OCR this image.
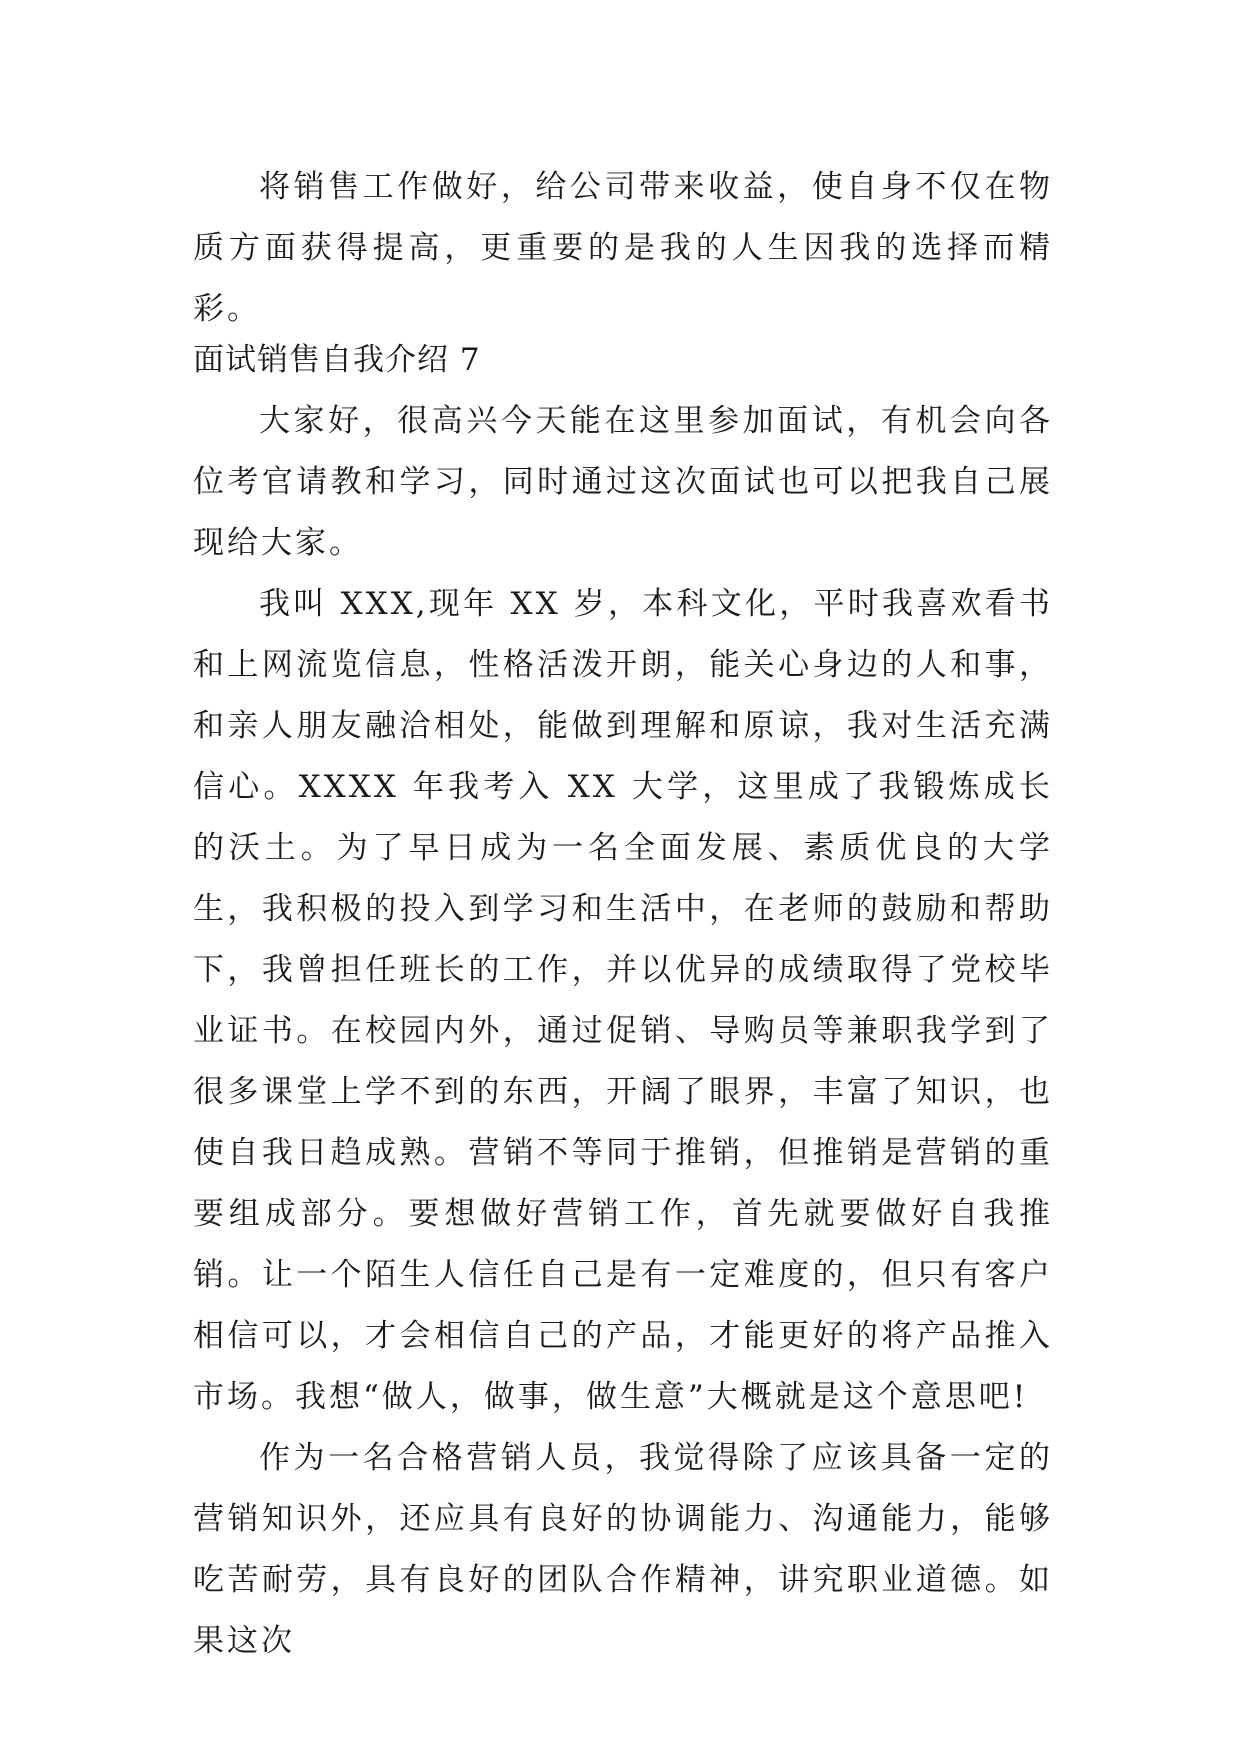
将销售工作做好，给公司带来收益，使自身不仅在物质方面获得提高，更重要的是我的人生因我的选择而精彩。
面试销售自我介绍 7

大家好，很高兴今天能在这里参加面试，有机会向各位考官请教和学习，同时通过这次面试也可以把我自己展现给大家。

我叫 XXX,现年 XX 岁，本科文化，平时我喜欢看书和上网流览信息，性格活泼开朗，能关心身边的人和事，和亲人朋友融洽相处，能做到理解和原谅，我对生活充满信心。XXXX 年我考入 XX 大学，这里成了我锻炼成长的沃土。为了早日成为一名全面发展、素质优良的大学生，我积极的投入到学习和生活中，在老师的鼓励和帮助下，我曾担任班长的工作，并以优异的成绩取得了党校毕业证书。在校园内外，通过促销、导购员等兼职我学到了很多课堂上学不到的东西，开阔了眼界，丰富了知识，也使自我日趋成熟。营销不等同于推销，但推销是营销的重要组成部分。要想做好营销工作，首先就要做好自我推销。让一个陌生人信任自己是有一定难度的，但只有客户相信可以，才会相信自己的产品，才能更好的将产品推入市场。我想“做人，做事，做生意”大概就是这个意思吧!

作为一名合格营销人员，我觉得除了应该具备一定的营销知识外，还应具有良好的协调能力、沟通能力，能够吃苦耐劳，具有良好的团队合作精神，讲究职业道德。如果这次
